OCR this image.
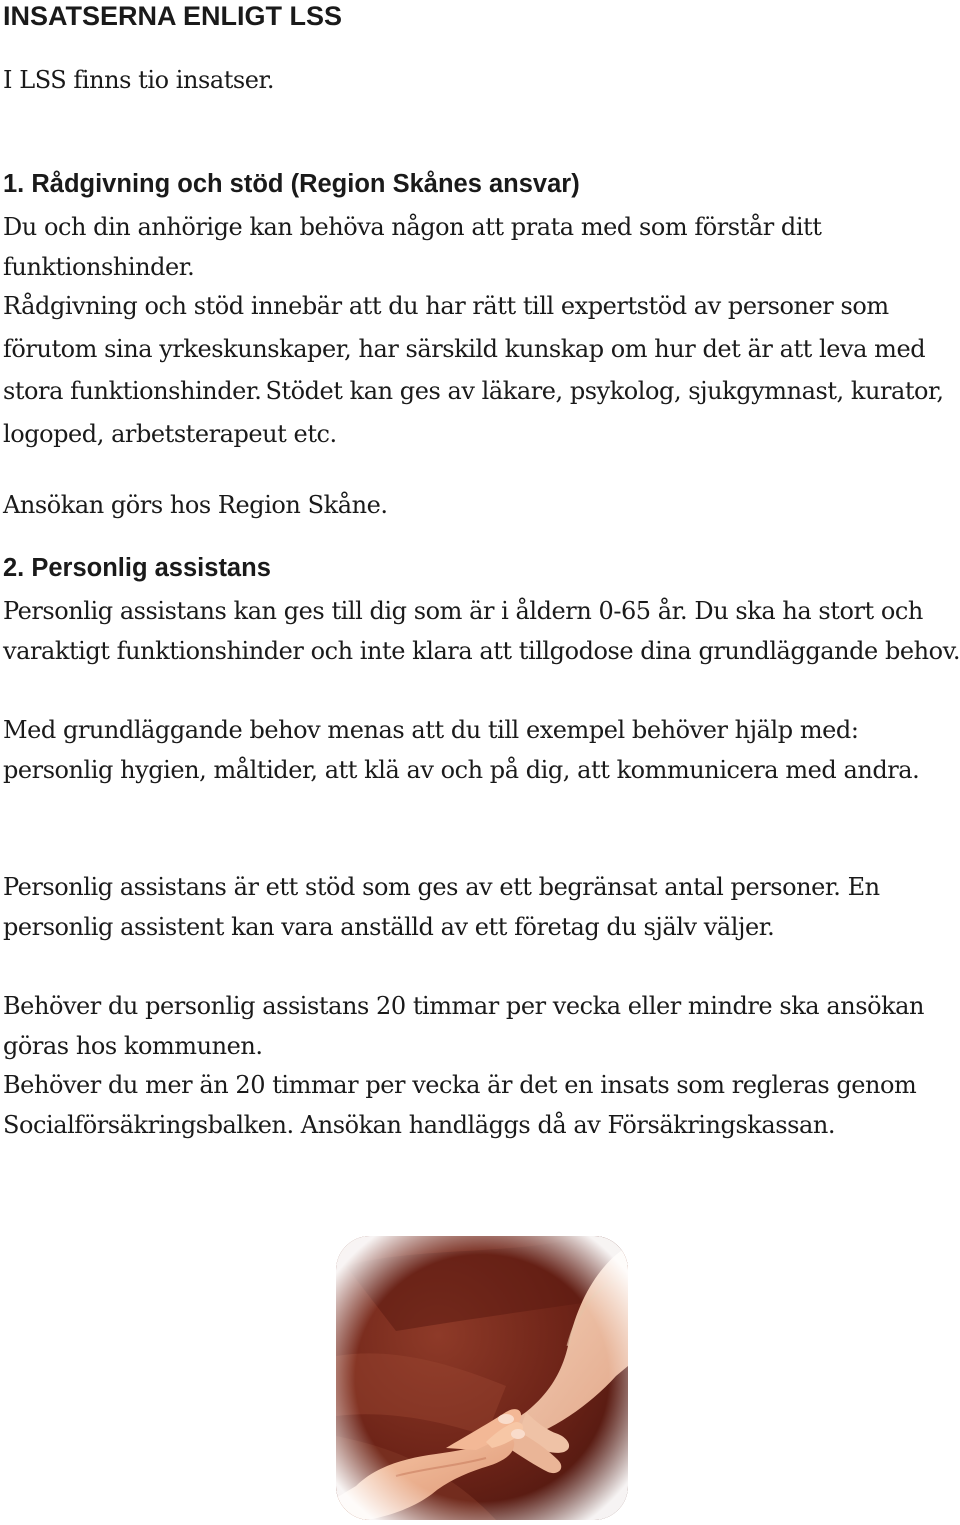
INSATSERNA ENLIGT LSS

I LSS finns tio insatser.

1. Rådgivning och stöd (Region Skånes ansvar)

Du och din anhörige kan behöva någon att prata med som förstår ditt funktionshinder.

Rådgivning och stöd innebär att du har rätt till expertstöd av personer som förutom sina yrkeskunskaper, har särskild kunskap om hur det är att leva med stora funktionshinder. Stödet kan ges av läkare, psykolog, sjukgymnast, kurator, logoped, arbetsterapeut etc.

Ansökan görs hos Region Skåne.

2. Personlig assistans

Personlig assistans kan ges till dig som är i åldern 0-65 år. Du ska ha stort och varaktigt funktionshinder och inte klara att tillgodose dina grundläggande behov.

Med grundläggande behov menas att du till exempel behöver hjälp med: personlig hygien, måltider, att klä av och på dig, att kommunicera med andra.

Personlig assistans är ett stöd som ges av ett begränsat antal personer. En personlig assistent kan vara anställd av ett företag du själv väljer.

Behöver du personlig assistans 20 timmar per vecka eller mindre ska ansökan göras hos kommunen.

Behöver du mer än 20 timmar per vecka är det en insats som regleras genom Socialförsäkringsbalken. Ansökan handläggs då av Försäkringskassan.
